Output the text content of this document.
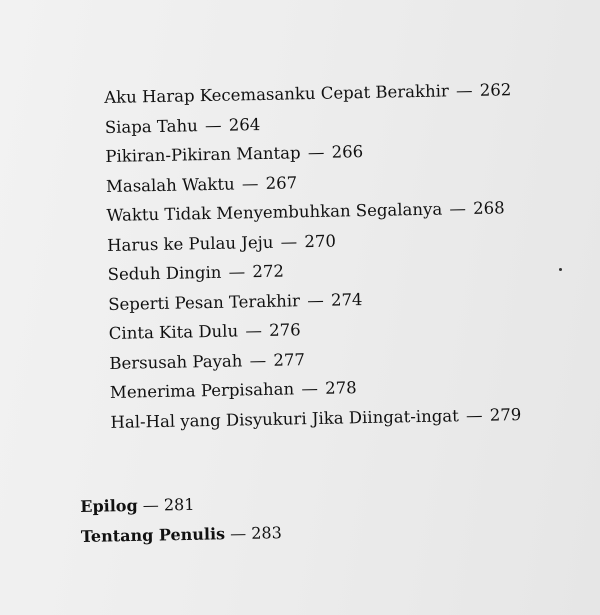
Aku Harap Kecemasanku Cepat Berakhir — 262
Siapa Tahu — 264
Pikiran-Pikiran Mantap — 266
Masalah Waktu — 267
Waktu Tidak Menyembuhkan Segalanya — 268
Harus ke Pulau Jeju — 270
Seduh Dingin — 272
Seperti Pesan Terakhir — 274
Cinta Kita Dulu — 276
Bersusah Payah — 277
Menerima Perpisahan — 278
Hal-Hal yang Disyukuri Jika Diingat-ingat — 279
Epilog — 281
Tentang Penulis — 283
